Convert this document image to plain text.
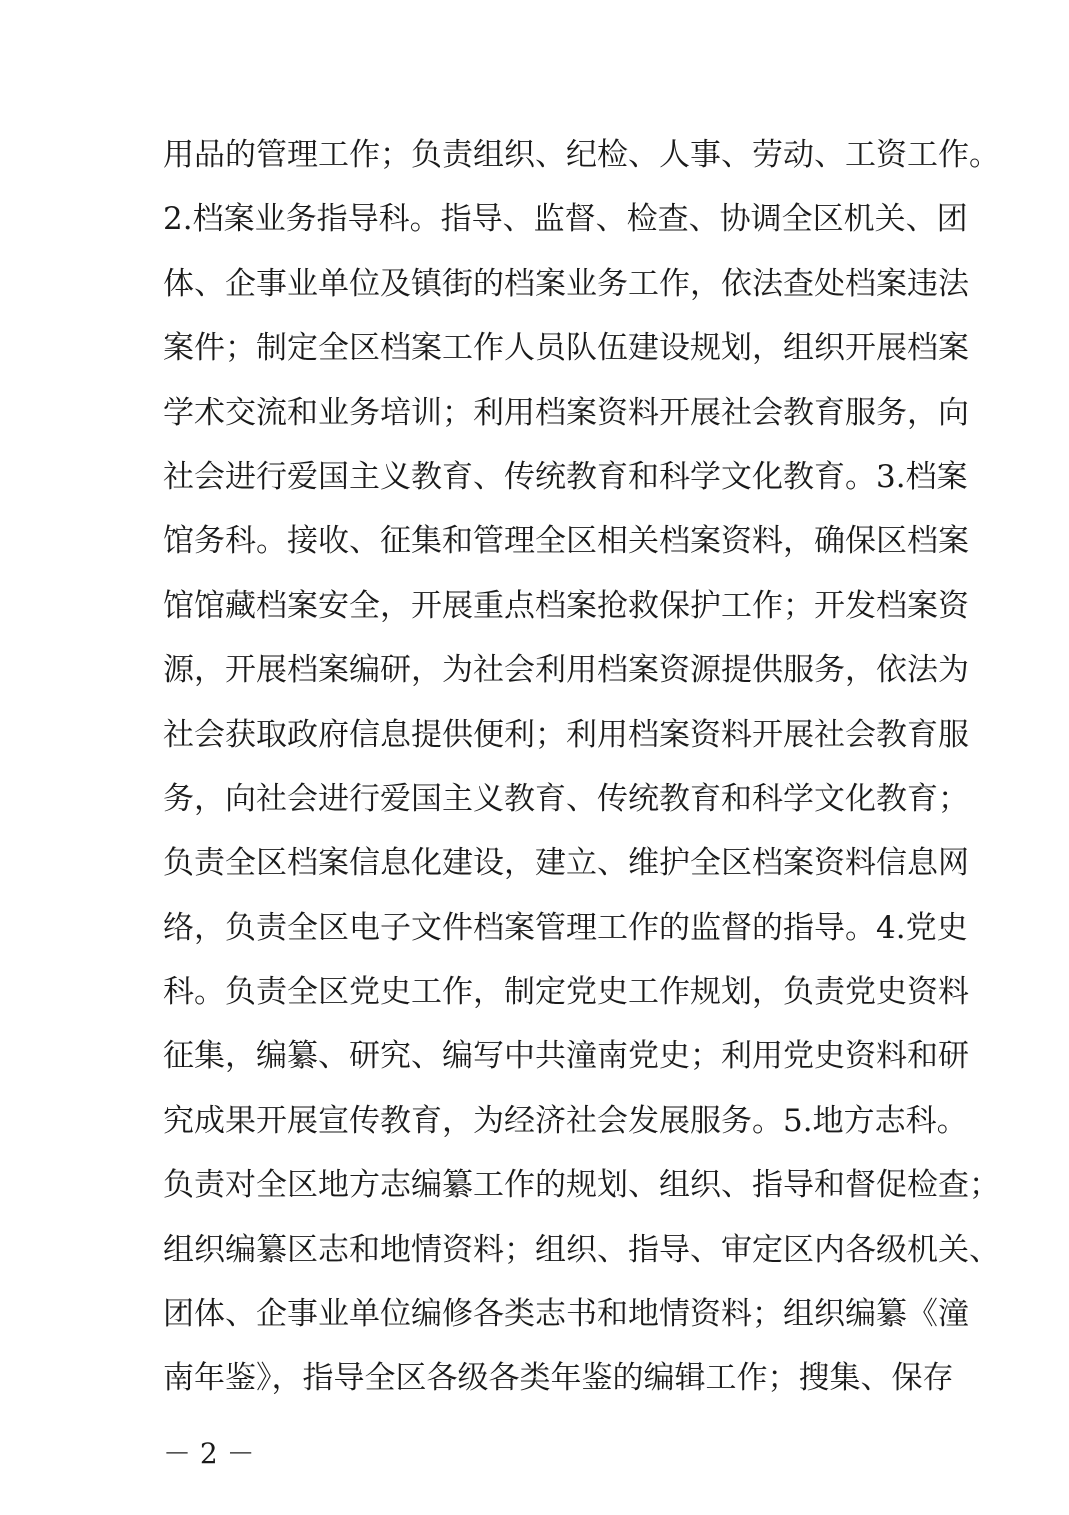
用品的管理工作；负责组织、纪检、人事、劳动、工资工作。
2.档案业务指导科。指导、监督、检查、协调全区机关、团
体、企事业单位及镇街的档案业务工作，依法查处档案违法
案件；制定全区档案工作人员队伍建设规划，组织开展档案
学术交流和业务培训；利用档案资料开展社会教育服务，向
社会进行爱国主义教育、传统教育和科学文化教育。3.档案
馆务科。接收、征集和管理全区相关档案资料，确保区档案
馆馆藏档案安全，开展重点档案抢救保护工作；开发档案资
源，开展档案编研，为社会利用档案资源提供服务，依法为
社会获取政府信息提供便利；利用档案资料开展社会教育服
务，向社会进行爱国主义教育、传统教育和科学文化教育；
负责全区档案信息化建设，建立、维护全区档案资料信息网
络，负责全区电子文件档案管理工作的监督的指导。4.党史
科。负责全区党史工作，制定党史工作规划，负责党史资料
征集，编纂、研究、编写中共潼南党史；利用党史资料和研
究成果开展宣传教育，为经济社会发展服务。5.地方志科。
负责对全区地方志编纂工作的规划、组织、指导和督促检查；
组织编纂区志和地情资料；组织、指导、审定区内各级机关、
团体、企事业单位编修各类志书和地情资料；组织编纂《潼
南年鉴》，指导全区各级各类年鉴的编辑工作；搜集、保存
－ 2 －
